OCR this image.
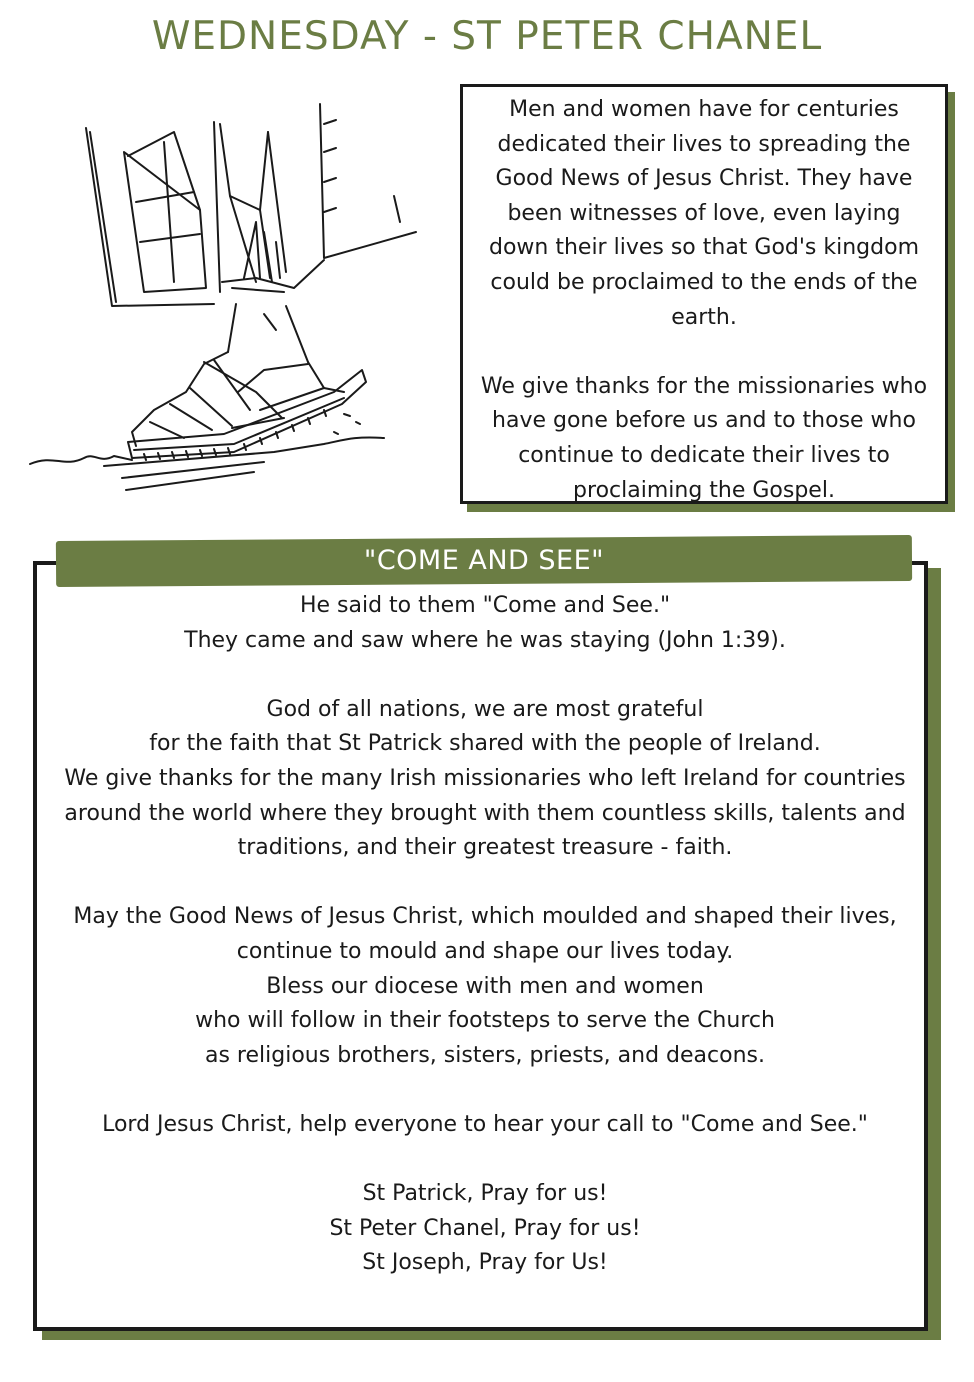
WEDNESDAY - ST PETER CHANEL

Men and women have for centuries dedicated their lives to spreading the Good News of Jesus Christ. They have been witnesses of love, even laying down their lives so that God's kingdom could be proclaimed to the ends of the earth.

We give thanks for the missionaries who have gone before us and to those who continue to dedicate their lives to proclaiming the Gospel.

"COME AND SEE"
He said to them "Come and See."
They came and saw where he was staying (John 1:39).
God of all nations, we are most grateful
for the faith that St Patrick shared with the people of Ireland.
We give thanks for the many Irish missionaries who left Ireland for countries
around the world where they brought with them countless skills, talents and
traditions, and their greatest treasure - faith.
May the Good News of Jesus Christ, which moulded and shaped their lives,
continue to mould and shape our lives today.
Bless our diocese with men and women
who will follow in their footsteps to serve the Church
as religious brothers, sisters, priests, and deacons.
Lord Jesus Christ, help everyone to hear your call to "Come and See."
St Patrick, Pray for us!
St Peter Chanel, Pray for us!
St Joseph, Pray for Us!
